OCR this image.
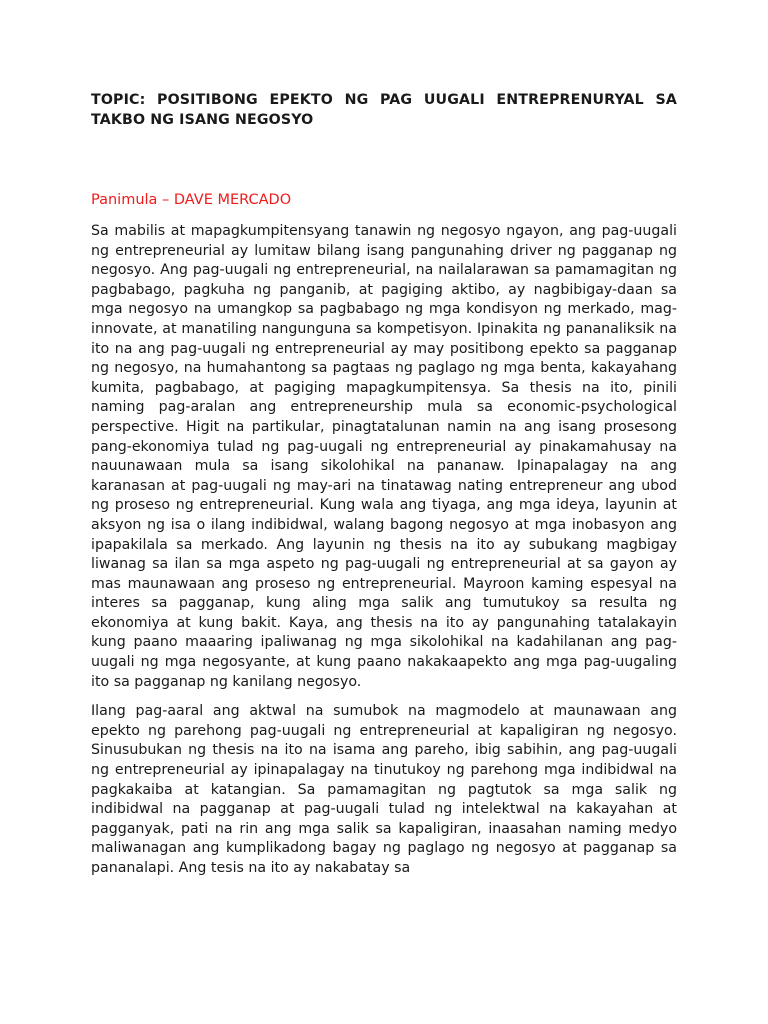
TOPIC: POSITIBONG EPEKTO NG PAG UUGALI ENTREPRENURYAL SA TAKBO NG ISANG NEGOSYO

Panimula – DAVE MERCADO

Sa mabilis at mapagkumpitensyang tanawin ng negosyo ngayon, ang pag-uugali ng entrepreneurial ay lumitaw bilang isang pangunahing driver ng pagganap ng negosyo. Ang pag-uugali ng entrepreneurial, na nailalarawan sa pamamagitan ng pagbabago, pagkuha ng panganib, at pagiging aktibo, ay nagbibigay-daan sa mga negosyo na umangkop sa pagbabago ng mga kondisyon ng merkado, mag-innovate, at manatiling nangunguna sa kompetisyon. Ipinakita ng pananaliksik na ito na ang pag-uugali ng entrepreneurial ay may positibong epekto sa pagganap ng negosyo, na humahantong sa pagtaas ng paglago ng mga benta, kakayahang kumita, pagbabago, at pagiging mapagkumpitensya. Sa thesis na ito, pinili naming pag-aralan ang entrepreneurship mula sa economic-psychological perspective. Higit na partikular, pinagtatalunan namin na ang isang prosesong pang-ekonomiya tulad ng pag-uugali ng entrepreneurial ay pinakamahusay na nauunawaan mula sa isang sikolohikal na pananaw. Ipinapalagay na ang karanasan at pag-uugali ng may-ari na tinatawag nating entrepreneur ang ubod ng proseso ng entrepreneurial. Kung wala ang tiyaga, ang mga ideya, layunin at aksyon ng isa o ilang indibidwal, walang bagong negosyo at mga inobasyon ang ipapakilala sa merkado. Ang layunin ng thesis na ito ay subukang magbigay liwanag sa ilan sa mga aspeto ng pag-uugali ng entrepreneurial at sa gayon ay mas maunawaan ang proseso ng entrepreneurial. Mayroon kaming espesyal na interes sa pagganap, kung aling mga salik ang tumutukoy sa resulta ng ekonomiya at kung bakit. Kaya, ang thesis na ito ay pangunahing tatalakayin kung paano maaaring ipaliwanag ng mga sikolohikal na kadahilanan ang pag-uugali ng mga negosyante, at kung paano nakakaapekto ang mga pag-uugaling ito sa pagganap ng kanilang negosyo.

Ilang pag-aaral ang aktwal na sumubok na magmodelo at maunawaan ang epekto ng parehong pag-uugali ng entrepreneurial at kapaligiran ng negosyo. Sinusubukan ng thesis na ito na isama ang pareho, ibig sabihin, ang pag-uugali ng entrepreneurial ay ipinapalagay na tinutukoy ng parehong mga indibidwal na pagkakaiba at katangian. Sa pamamagitan ng pagtutok sa mga salik ng indibidwal na pagganap at pag-uugali tulad ng intelektwal na kakayahan at pagganyak, pati na rin ang mga salik sa kapaligiran, inaasahan naming medyo maliwanagan ang kumplikadong bagay ng paglago ng negosyo at pagganap sa pananalapi. Ang tesis na ito ay nakabatay sa
